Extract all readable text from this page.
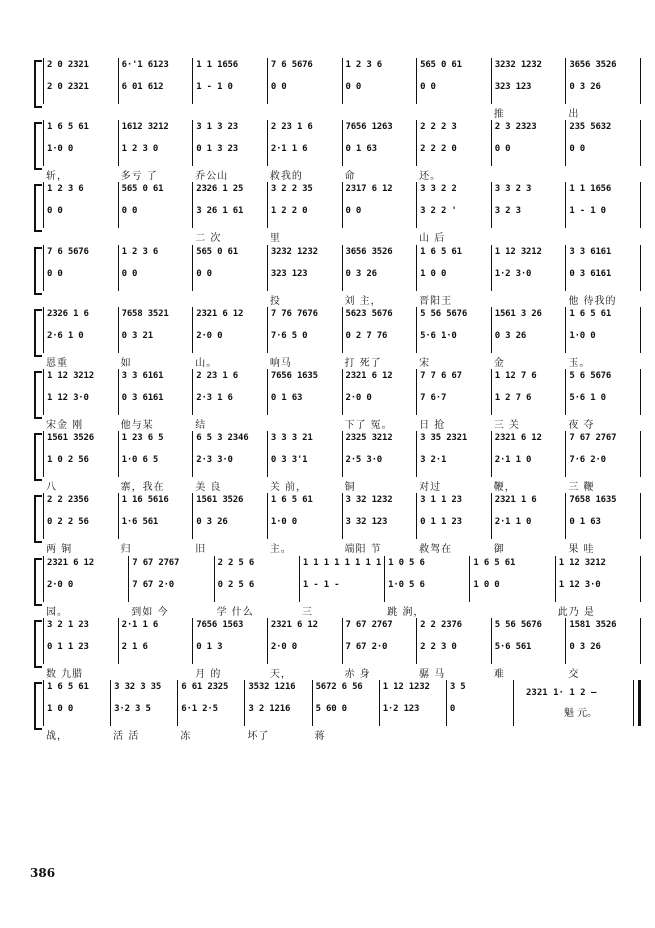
2 0 2321
2 0 2321
6·'1 6123
6 01 612
1 1 1656
1 - 1 0
7 6 5676
0 0
1 2 3 6
0 0
565 0 61
0 0
3232 1232
323 123
推
3656 3526
0 3 26
出
1 6 5 61
1·0 0
斩，
1612 3212
1 2 3 0
多亏 了
3 1 3 23
0 1 3 23
乔公山
2 23 1 6
2·1 1 6
救我的
7656 1263
0 1 63
命
2 2 2 3
2 2 2 0
还。
2 3 2323
0 0
235 5632
0 0
1 2 3 6
0 0
565 0 61
0 0
2326 1 25
3 26 1 61
二 次
3 2 2 35
1 2 2 0
里
2317 6 12
0 0
3 3 2 2
3 2 2 '
山 后
3 3 2 3
3 2 3
1 1 1656
1 - 1 0
7 6 5676
0 0
1 2 3 6
0 0
565 0 61
0 0
3232 1232
323 123
投
3656 3526
0 3 26
刘 主，
1 6 5 61
1 0 0
晋阳王
1 12 3212
1·2 3·0
3 3 6161
0 3 6161
他 待我的
2326 1 6
2·6 1 0
恩重
7658 3521
0 3 21
如
2321 6 12
2·0 0
山。
7 76 7676
7·6 5 0
响马
5623 5676
0 2 7 76
打 死了
5 56 5676
5·6 1·0
宋
1561 3 26
0 3 26
金
1 6 5 61
1·0 0
玉。
1 12 3212
1 12 3·0
宋金 刚
3 3 6161
0 3 6161
他与某
2 23 1 6
2·3 1 6
结
7656 1635
0 1 63
2321 6 12
2·0 0
下了 冤。
7 7 6 67
7 6·7
日 抢
1 12 7 6
1 2 7 6
三 关
5 6 5676
5·6 1 0
夜 夺
1561 3526
1 0 2 56
八
1 23 6 5
1·0 6 5
寨，我在
6 5 3 2346
2·3 3·0
美 良
3 3 3 21
0 3 3'1
关 前，
2325 3212
2·5 3·0
铜
3 35 2321
3 2·1
对过
2321 6 12
2·1 1 0
鞭，
7 67 2767
7·6 2·0
三 鞭
2 2 2356
0 2 2 56
两 铜
1 16 5616
1·6 561
归
1561 3526
0 3 26
旧
1 6 5 61
1·0 0
主。
3 32 1232
3 32 123
端阳 节
3 1 1 23
0 1 1 23
救驾在
2321 1 6
2·1 1 0
御
7658 1635
0 1 63
果 哇
2321 6 12
2·0 0
园。
7 67 2767
7 67 2·0
到如 今
2 2 5 6
0 2 5 6
学 什么
1 1 1 1 1 1 1 1
1 - 1 -
三
1 0 5 6
1·0 5 6
跳 涧，
1 6 5 61
1 0 0
1 12 3212
1 12 3·0
此乃 是
3 2 1 23
0 1 1 23
数 九腊
2·1 1 6
2 1 6
7656 1563
0 1 3
月 的
2321 6 12
2·0 0
天，
7 67 2767
7 67 2·0
赤 身
2 2 2376
2 2 3 0
骣 马
5 56 5676
5·6 561
难
1581 3526
0 3 26
交
1 6 5 61
1 0 0
战，
3 32 3 35
3·2 3 5
活 活
6 61 2325
6·1 2·5
冻
3532 1216
3 2 1216
坏了
5672 6 56
5 60 0
蒋
1 12 1232
1·2 123
3 5
0
2321 1· 1 2 —
魁 元。
386
